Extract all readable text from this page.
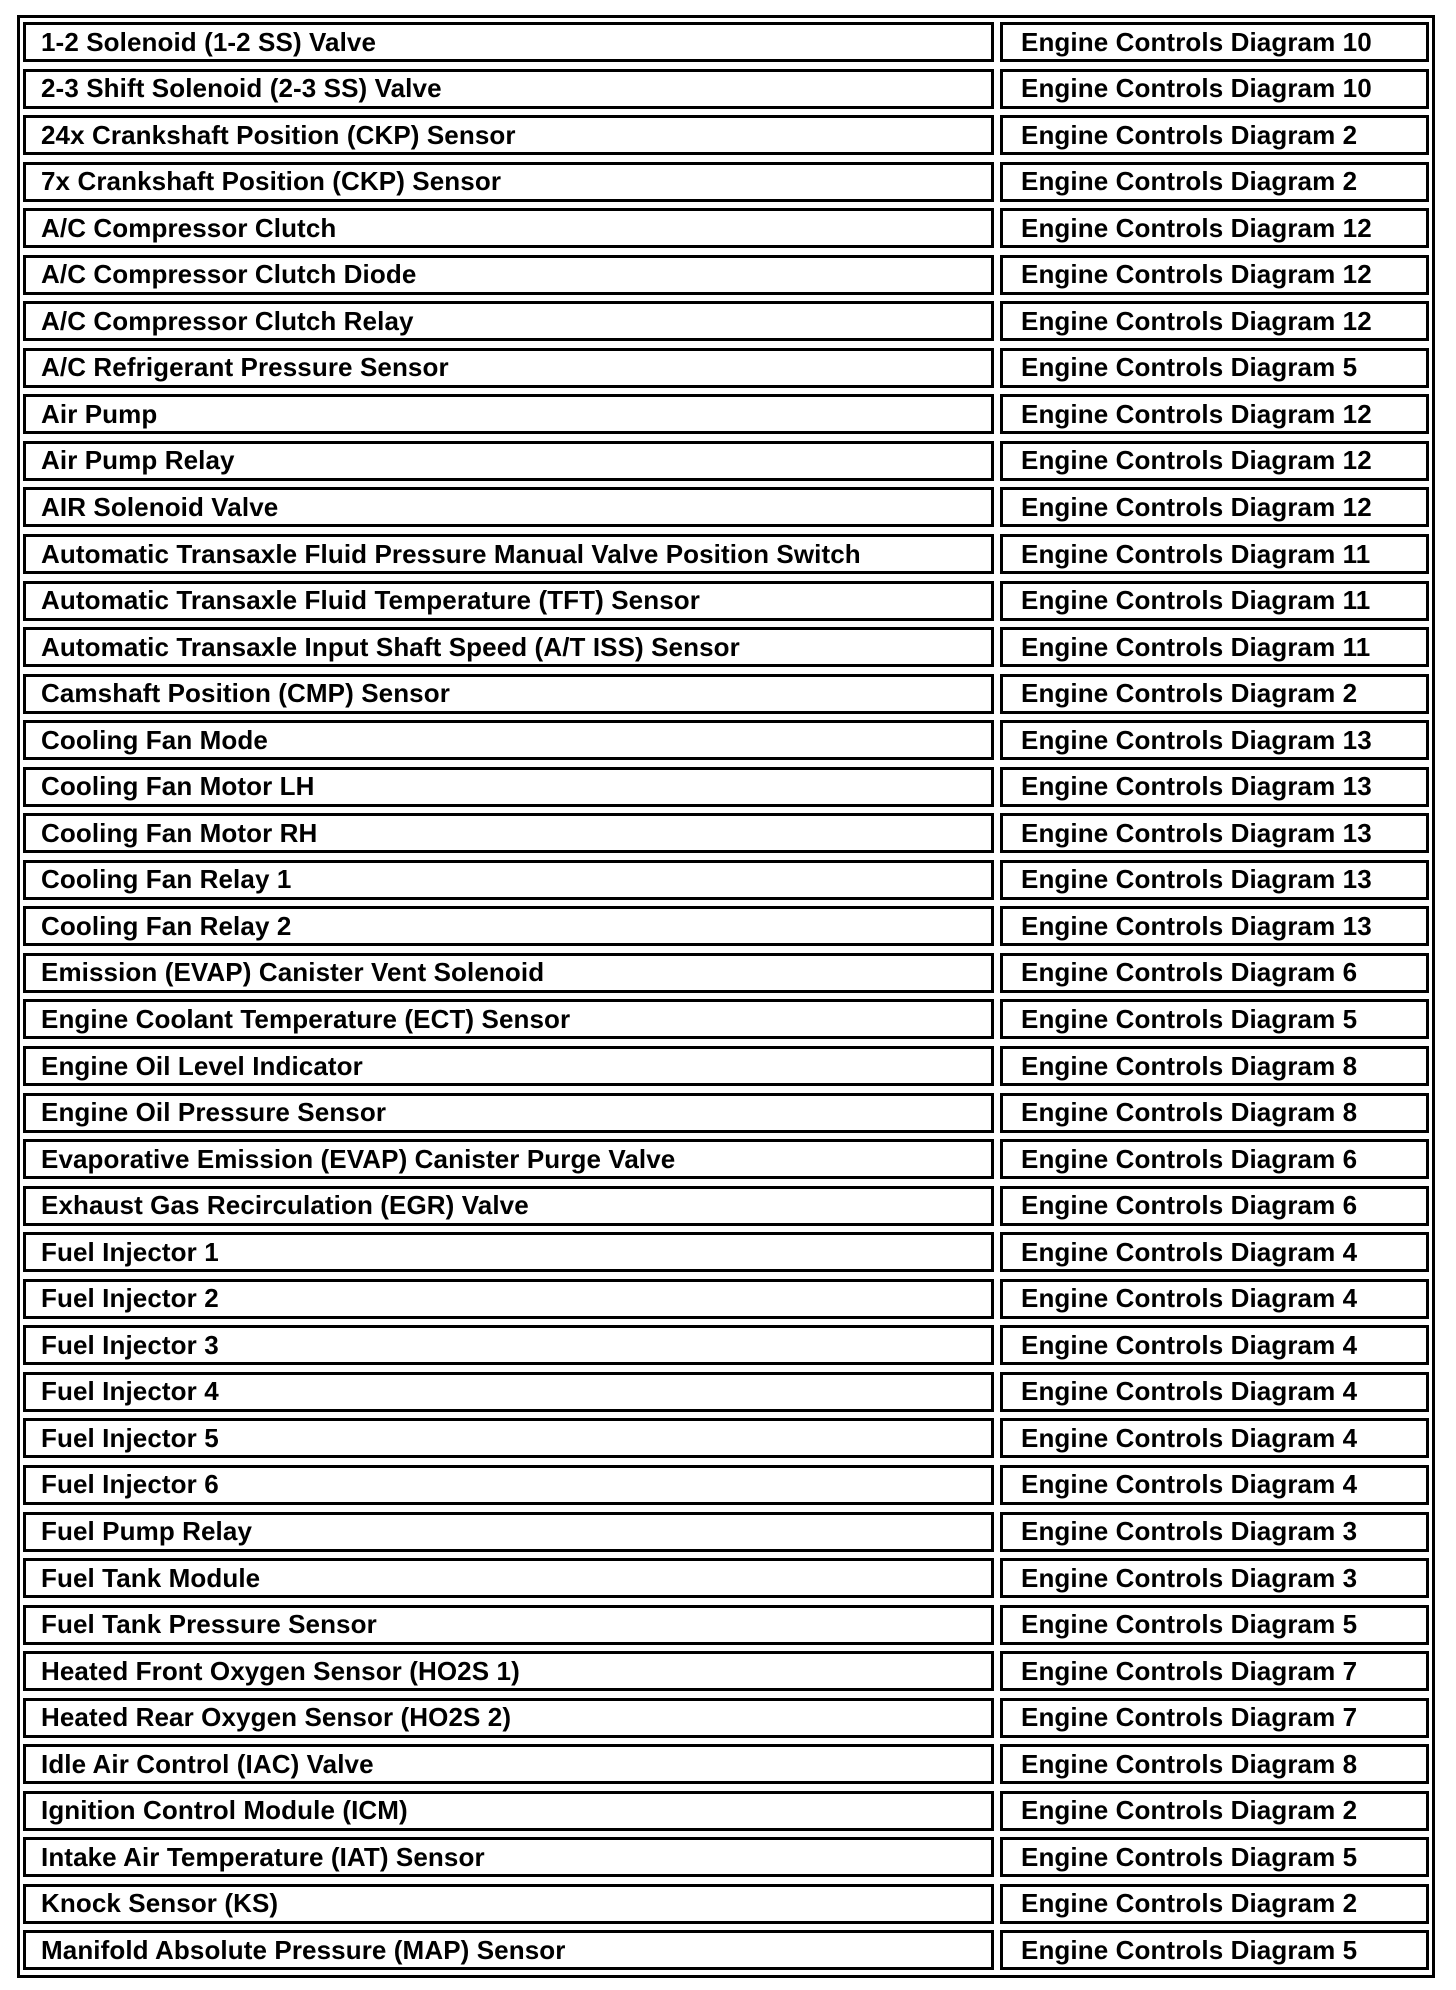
1-2 Solenoid (1-2 SS) Valve	Engine Controls Diagram 10
2-3 Shift Solenoid (2-3 SS) Valve	Engine Controls Diagram 10
24x Crankshaft Position (CKP) Sensor	Engine Controls Diagram 2
7x Crankshaft Position (CKP) Sensor	Engine Controls Diagram 2
A/C Compressor Clutch	Engine Controls Diagram 12
A/C Compressor Clutch Diode	Engine Controls Diagram 12
A/C Compressor Clutch Relay	Engine Controls Diagram 12
A/C Refrigerant Pressure Sensor	Engine Controls Diagram 5
Air Pump	Engine Controls Diagram 12
Air Pump Relay	Engine Controls Diagram 12
AIR Solenoid Valve	Engine Controls Diagram 12
Automatic Transaxle Fluid Pressure Manual Valve Position Switch	Engine Controls Diagram 11
Automatic Transaxle Fluid Temperature (TFT) Sensor	Engine Controls Diagram 11
Automatic Transaxle Input Shaft Speed (A/T ISS) Sensor	Engine Controls Diagram 11
Camshaft Position (CMP) Sensor	Engine Controls Diagram 2
Cooling Fan Mode	Engine Controls Diagram 13
Cooling Fan Motor LH	Engine Controls Diagram 13
Cooling Fan Motor RH	Engine Controls Diagram 13
Cooling Fan Relay 1	Engine Controls Diagram 13
Cooling Fan Relay 2	Engine Controls Diagram 13
Emission (EVAP) Canister Vent Solenoid	Engine Controls Diagram 6
Engine Coolant Temperature (ECT) Sensor	Engine Controls Diagram 5
Engine Oil Level Indicator	Engine Controls Diagram 8
Engine Oil Pressure Sensor	Engine Controls Diagram 8
Evaporative Emission (EVAP) Canister Purge Valve	Engine Controls Diagram 6
Exhaust Gas Recirculation (EGR) Valve	Engine Controls Diagram 6
Fuel Injector 1	Engine Controls Diagram 4
Fuel Injector 2	Engine Controls Diagram 4
Fuel Injector 3	Engine Controls Diagram 4
Fuel Injector 4	Engine Controls Diagram 4
Fuel Injector 5	Engine Controls Diagram 4
Fuel Injector 6	Engine Controls Diagram 4
Fuel Pump Relay	Engine Controls Diagram 3
Fuel Tank Module	Engine Controls Diagram 3
Fuel Tank Pressure Sensor	Engine Controls Diagram 5
Heated Front Oxygen Sensor (HO2S 1)	Engine Controls Diagram 7
Heated Rear Oxygen Sensor (HO2S 2)	Engine Controls Diagram 7
Idle Air Control (IAC) Valve	Engine Controls Diagram 8
Ignition Control Module (ICM)	Engine Controls Diagram 2
Intake Air Temperature (IAT) Sensor	Engine Controls Diagram 5
Knock Sensor (KS)	Engine Controls Diagram 2
Manifold Absolute Pressure (MAP) Sensor	Engine Controls Diagram 5
